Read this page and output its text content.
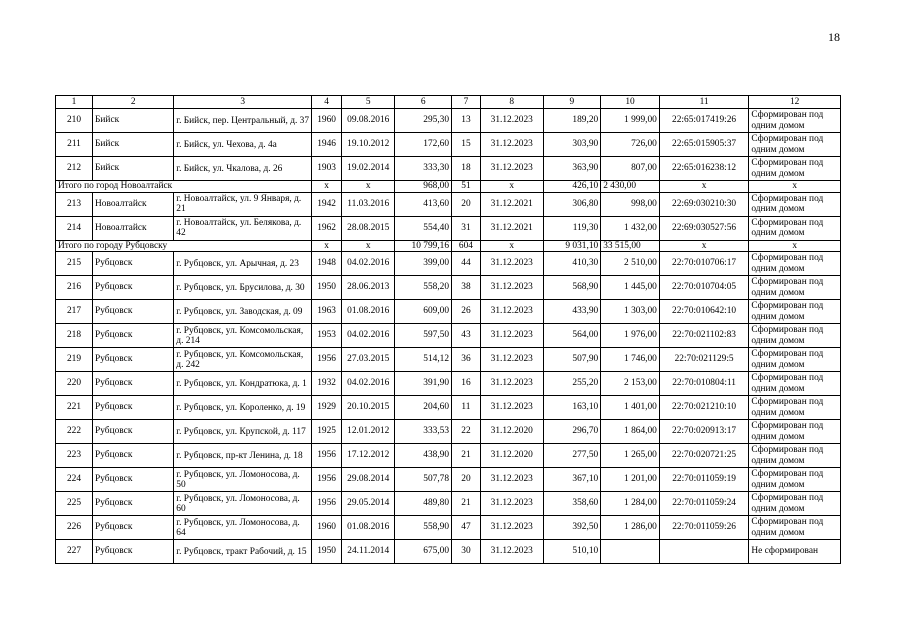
18
1	2	3	4	5	6	7	8	9	10	11	12
210	Бийск	г. Бийск, пер. Центральный, д. 37	1960	09.08.2016	295,30	13	31.12.2023	189,20	1 999,00	22:65:017419:26	Сформирован под одним домом
211	Бийск	г. Бийск, ул. Чехова, д. 4а	1946	19.10.2012	172,60	15	31.12.2023	303,90	726,00	22:65:015905:37	Сформирован под одним домом
212	Бийск	г. Бийск, ул. Чкалова, д. 26	1903	19.02.2014	333,30	18	31.12.2023	363,90	807,00	22:65:016238:12	Сформирован под одним домом
Итого по город Новоалтайск			х	х	968,00	51	х	426,10	2 430,00	х	х
213	Новоалтайск	г. Новоалтайск, ул. 9 Января, д. 21	1942	11.03.2016	413,60	20	31.12.2021	306,80	998,00	22:69:030210:30	Сформирован под одним домом
214	Новоалтайск	г. Новоалтайск, ул. Белякова, д. 42	1962	28.08.2015	554,40	31	31.12.2021	119,30	1 432,00	22:69:030527:56	Сформирован под одним домом
Итого по городу Рубцовску			х	х	10 799,16	604	х	9 031,10	33 515,00	х	х
215	Рубцовск	г. Рубцовск, ул. Арычная, д. 23	1948	04.02.2016	399,00	44	31.12.2023	410,30	2 510,00	22:70:010706:17	Сформирован под одним домом
216	Рубцовск	г. Рубцовск, ул. Брусилова, д. 30	1950	28.06.2013	558,20	38	31.12.2023	568,90	1 445,00	22:70:010704:05	Сформирован под одним домом
217	Рубцовск	г. Рубцовск, ул. Заводская, д. 09	1963	01.08.2016	609,00	26	31.12.2023	433,90	1 303,00	22:70:010642:10	Сформирован под одним домом
218	Рубцовск	г. Рубцовск, ул. Комсомольская, д. 214	1953	04.02.2016	597,50	43	31.12.2023	564,00	1 976,00	22:70:021102:83	Сформирован под одним домом
219	Рубцовск	г. Рубцовск, ул. Комсомольская, д. 242	1956	27.03.2015	514,12	36	31.12.2023	507,90	1 746,00	22:70:021129:5	Сформирован под одним домом
220	Рубцовск	г. Рубцовск, ул. Кондратюка, д. 1	1932	04.02.2016	391,90	16	31.12.2023	255,20	2 153,00	22:70:010804:11	Сформирован под одним домом
221	Рубцовск	г. Рубцовск, ул. Короленко, д. 19	1929	20.10.2015	204,60	11	31.12.2023	163,10	1 401,00	22:70:021210:10	Сформирован под одним домом
222	Рубцовск	г. Рубцовск, ул. Крупской, д. 117	1925	12.01.2012	333,53	22	31.12.2020	296,70	1 864,00	22:70:020913:17	Сформирован под одним домом
223	Рубцовск	г. Рубцовск, пр-кт Ленина, д. 18	1956	17.12.2012	438,90	21	31.12.2020	277,50	1 265,00	22:70:020721:25	Сформирован под одним домом
224	Рубцовск	г. Рубцовск, ул. Ломоносова, д. 50	1956	29.08.2014	507,78	20	31.12.2023	367,10	1 201,00	22:70:011059:19	Сформирован под одним домом
225	Рубцовск	г. Рубцовск, ул. Ломоносова, д. 60	1956	29.05.2014	489,80	21	31.12.2023	358,60	1 284,00	22:70:011059:24	Сформирован под одним домом
226	Рубцовск	г. Рубцовск, ул. Ломоносова, д. 64	1960	01.08.2016	558,90	47	31.12.2023	392,50	1 286,00	22:70:011059:26	Сформирован под одним домом
227	Рубцовск	г. Рубцовск, тракт Рабочий, д. 15	1950	24.11.2014	675,00	30	31.12.2023	510,10			Не сформирован
